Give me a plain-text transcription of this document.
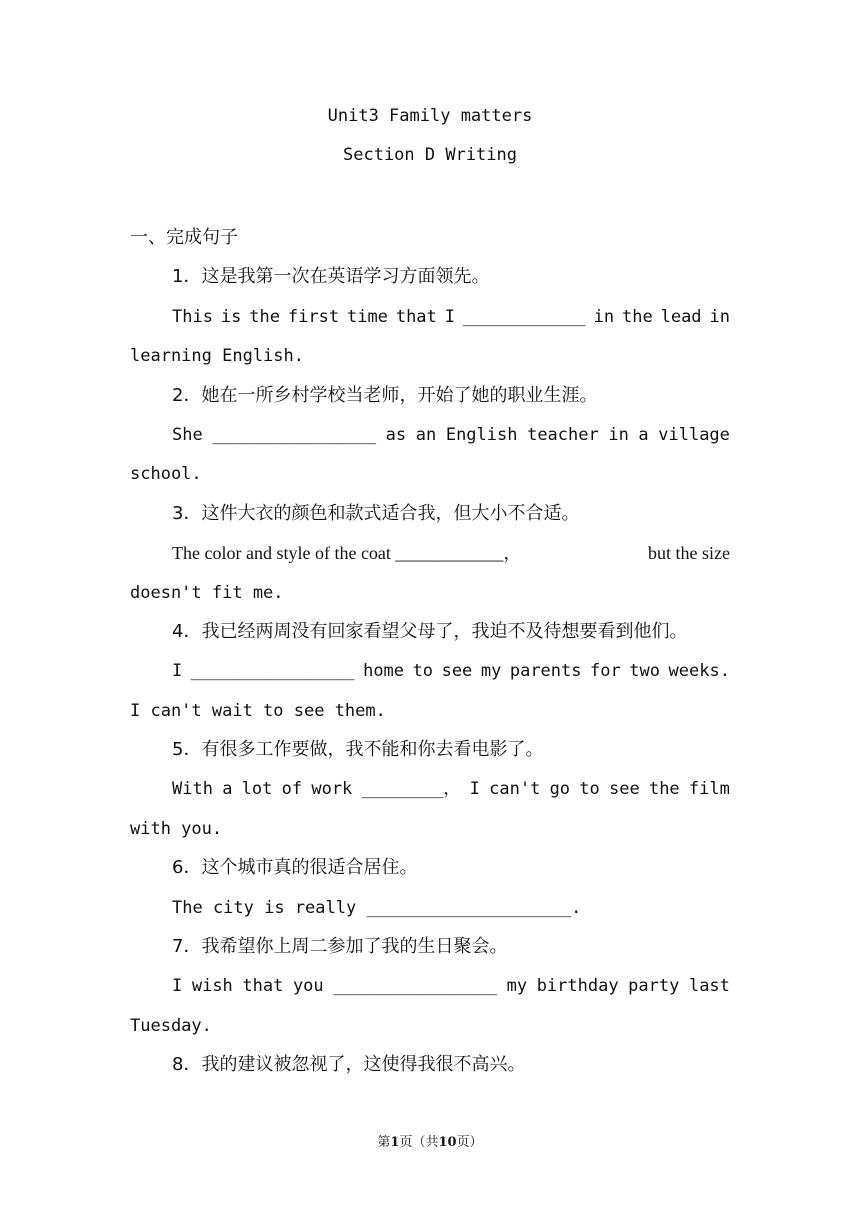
Unit3 Family matters
Section D Writing
一、完成句子
1．这是我第一次在英语学习方面领先。
This is the first time that I ____________ in the lead in
learning English.
2．她在一所乡村学校当老师，开始了她的职业生涯。
She ________________ as an English teacher in a village
school.
3．这件大衣的颜色和款式适合我，但大小不合适。
The color and style of the coat ____________，	but the size
doesn't fit me.
4．我已经两周没有回家看望父母了，我迫不及待想要看到他们。
I ________________ home to see my parents for two weeks.
I can't wait to see them.
5．有很多工作要做，我不能和你去看电影了。
With a lot of work ________， I can't go to see the film
with you.
6．这个城市真的很适合居住。
The city is really ____________________.
7．我希望你上周二参加了我的生日聚会。
I wish that you ________________ my birthday party last
Tuesday.
8．我的建议被忽视了，这使得我很不高兴。
第1页（共10页）
